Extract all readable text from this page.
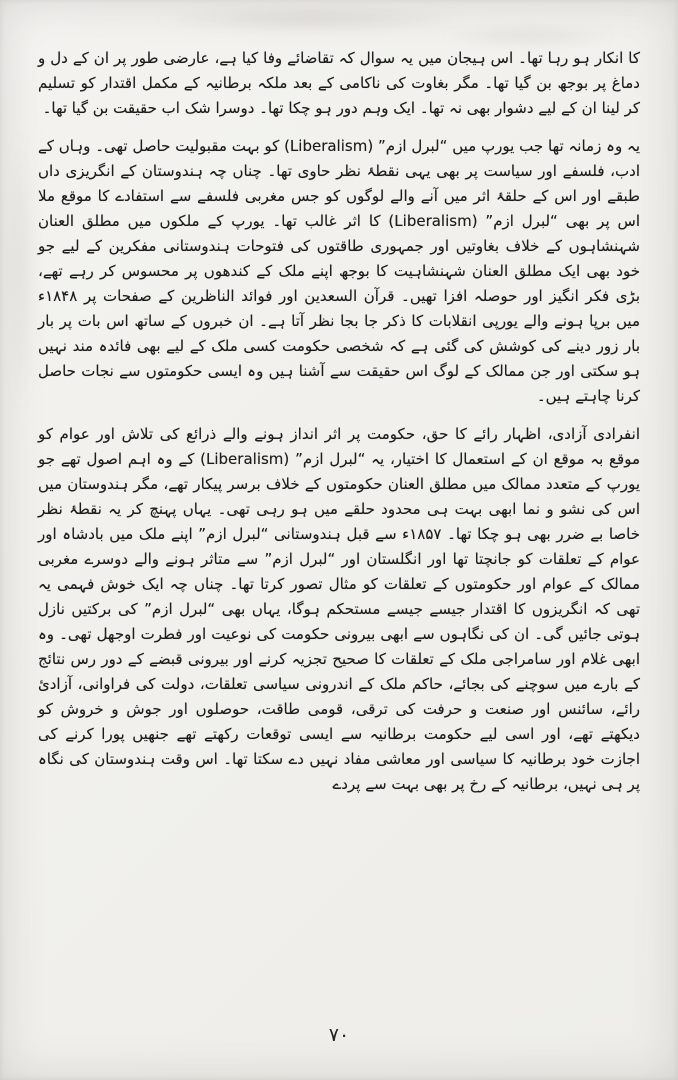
کا انکار ہو رہا تھا۔ اس ہیجان میں یہ سوال کہ تقاضائے وفا کیا ہے، عارضی طور پر ان کے دل و دماغ پر بوجھ بن گیا تھا۔ مگر بغاوت کی ناکامی کے بعد ملکہ برطانیہ کے مکمل اقتدار کو تسلیم کر لینا ان کے لیے دشوار بھی نہ تھا۔ ایک وہم دور ہو چکا تھا۔ دوسرا شک اب حقیقت بن گیا تھا۔

یہ وہ زمانہ تھا جب یورپ میں “لبرل ازم” (Liberalism) کو بہت مقبولیت حاصل تھی۔ وہاں کے ادب، فلسفے اور سیاست پر بھی یہی نقطۂ نظر حاوی تھا۔ چناں چہ ہندوستان کے انگریزی داں طبقے اور اس کے حلقۂ اثر میں آنے والے لوگوں کو جس مغربی فلسفے سے استفادے کا موقع ملا اس پر بھی “لبرل ازم” (Liberalism) کا اثر غالب تھا۔ یورپ کے ملکوں میں مطلق العنان شہنشاہوں کے خلاف بغاوتیں اور جمہوری طاقتوں کی فتوحات ہندوستانی مفکرین کے لیے جو خود بھی ایک مطلق العنان شہنشاہیت کا بوجھ اپنے ملک کے کندھوں پر محسوس کر رہے تھے، بڑی فکر انگیز اور حوصلہ افزا تھیں۔ قرآن السعدین اور فوائد الناظرین کے صفحات پر ۱۸۴۸ء میں برپا ہونے والے یورپی انقلابات کا ذکر جا بجا نظر آتا ہے۔ ان خبروں کے ساتھ اس بات پر بار بار زور دینے کی کوشش کی گئی ہے کہ شخصی حکومت کسی ملک کے لیے بھی فائدہ مند نہیں ہو سکتی اور جن ممالک کے لوگ اس حقیقت سے آشنا ہیں وہ ایسی حکومتوں سے نجات حاصل کرنا چاہتے ہیں۔

انفرادی آزادی، اظہار رائے کا حق، حکومت پر اثر انداز ہونے والے ذرائع کی تلاش اور عوام کو موقع بہ موقع ان کے استعمال کا اختیار، یہ “لبرل ازم” (Liberalism) کے وہ اہم اصول تھے جو یورپ کے متعدد ممالک میں مطلق العنان حکومتوں کے خلاف برسر پیکار تھے، مگر ہندوستان میں اس کی نشو و نما ابھی بہت ہی محدود حلقے میں ہو رہی تھی۔ یہاں پہنچ کر یہ نقطۂ نظر خاصا بے ضرر بھی ہو چکا تھا۔ ۱۸۵۷ء سے قبل ہندوستانی “لبرل ازم” اپنے ملک میں بادشاہ اور عوام کے تعلقات کو جانچتا تھا اور انگلستان اور “لبرل ازم” سے متاثر ہونے والے دوسرے مغربی ممالک کے عوام اور حکومتوں کے تعلقات کو مثال تصور کرتا تھا۔ چناں چہ ایک خوش فہمی یہ تھی کہ انگریزوں کا اقتدار جیسے جیسے مستحکم ہوگا، یہاں بھی “لبرل ازم” کی برکتیں نازل ہوتی جائیں گی۔ ان کی نگاہوں سے ابھی بیرونی حکومت کی نوعیت اور فطرت اوجھل تھی۔ وہ ابھی غلام اور سامراجی ملک کے تعلقات کا صحیح تجزیہ کرنے اور بیرونی قبضے کے دور رس نتائج کے بارے میں سوچنے کی بجائے، حاکم ملک کے اندرونی سیاسی تعلقات، دولت کی فراوانی، آزادیٔ رائے، سائنس اور صنعت و حرفت کی ترقی، قومی طاقت، حوصلوں اور جوش و خروش کو دیکھتے تھے، اور اسی لیے حکومت برطانیہ سے ایسی توقعات رکھتے تھے جنھیں پورا کرنے کی اجازت خود برطانیہ کا سیاسی اور معاشی مفاد نہیں دے سکتا تھا۔ اس وقت ہندوستان کی نگاہ پر ہی نہیں، برطانیہ کے رخ پر بھی بہت سے پردے

۷۰
